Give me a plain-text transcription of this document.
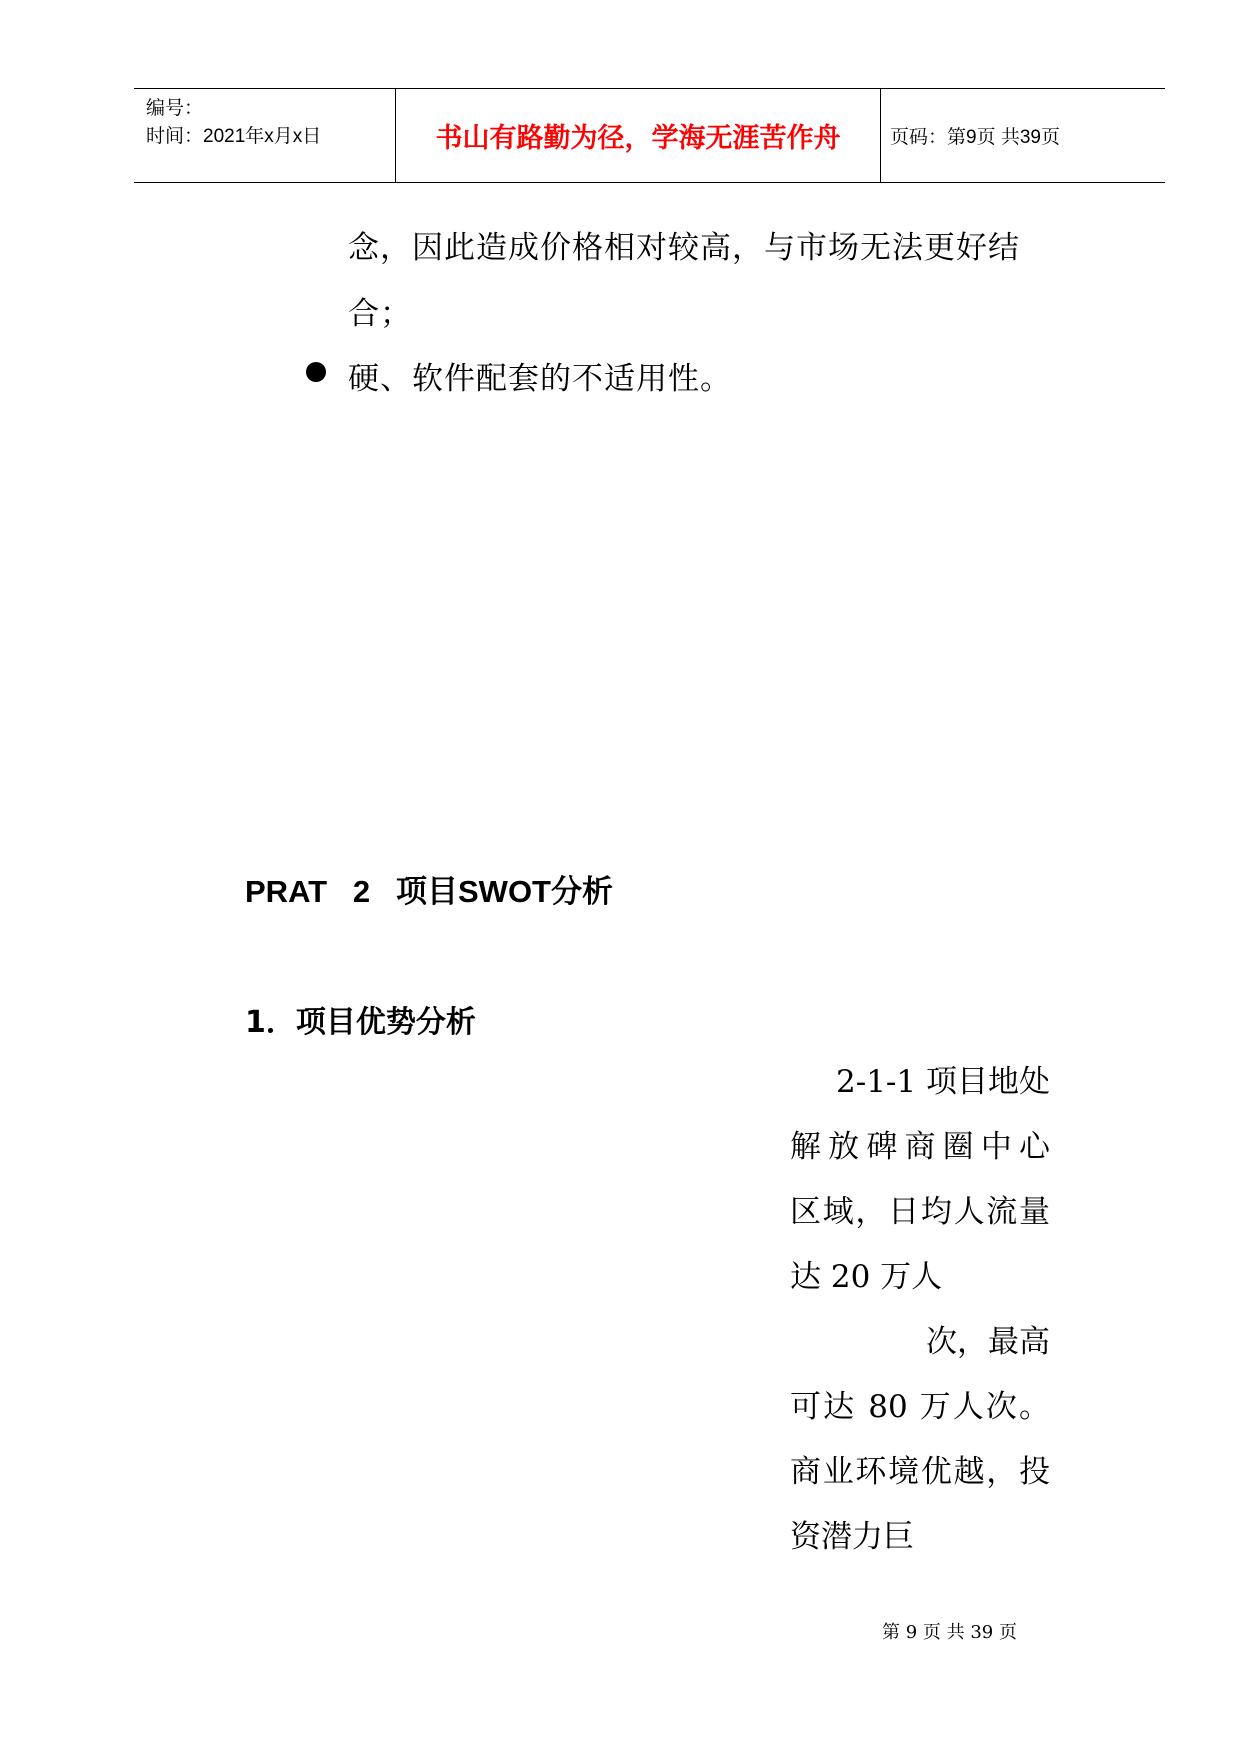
编号：
时间：2021年x月x日	书山有路勤为径，学海无涯苦作舟	页码：第9页 共39页
念，因此造成价格相对较高，与市场无法更好结
合；
硬、软件配套的不适用性。
PRAT   2   项目SWOT分析
1．项目优势分析
2-1-1 项目地处
解放碑商圈中心
区域，日均人流量
达 20 万人
次，最高
可达 80 万人次。
商业环境优越，投
资潜力巨
第 9 页 共 39 页
